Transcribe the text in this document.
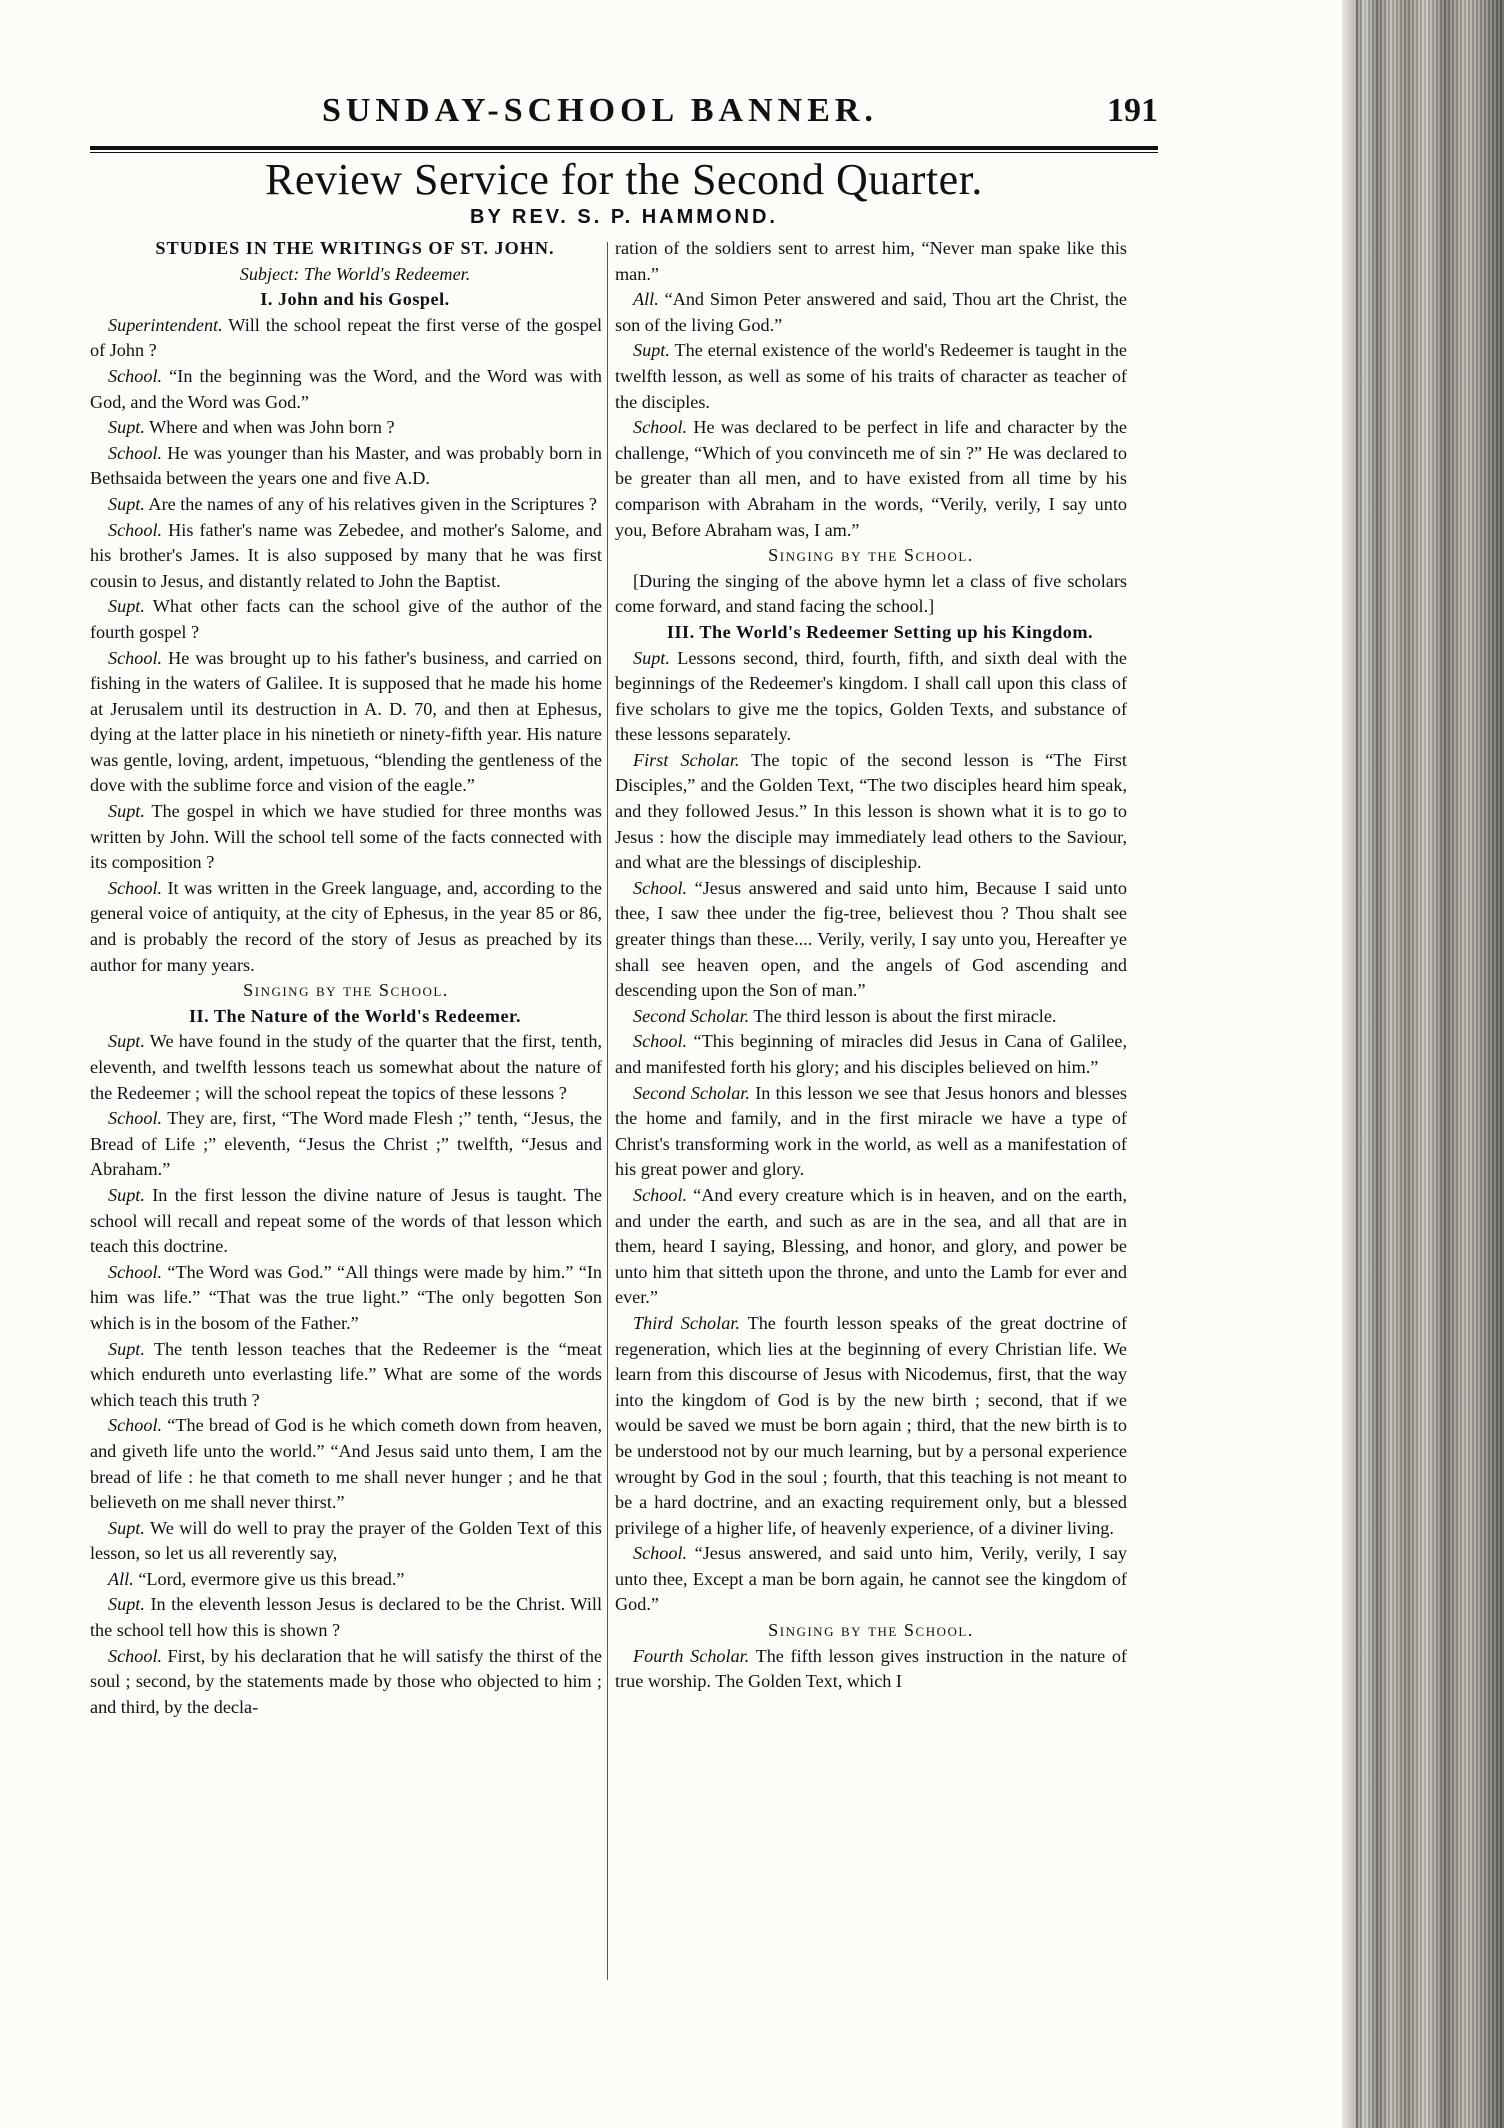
SUNDAY-SCHOOL BANNER.	191
Review Service for the Second Quarter.
BY REV. S. P. HAMMOND.

STUDIES IN THE WRITINGS OF ST. JOHN.

Subject: The World's Redeemer.

I. John and his Gospel.

Superintendent. Will the school repeat the first verse of the gospel of John ?

School. “In the beginning was the Word, and the Word was with God, and the Word was God.”

Supt. Where and when was John born ?

School. He was younger than his Master, and was probably born in Bethsaida between the years one and five A.D.

Supt. Are the names of any of his relatives given in the Scriptures ?

School. His father's name was Zebedee, and mother's Salome, and his brother's James. It is also supposed by many that he was first cousin to Jesus, and distantly related to John the Baptist.

Supt. What other facts can the school give of the author of the fourth gospel ?

School. He was brought up to his father's business, and carried on fishing in the waters of Galilee. It is supposed that he made his home at Jerusalem until its destruction in A. D. 70, and then at Ephesus, dying at the latter place in his ninetieth or ninety-fifth year. His nature was gentle, loving, ardent, impetuous, “blending the gentleness of the dove with the sublime force and vision of the eagle.”

Supt. The gospel in which we have studied for three months was written by John. Will the school tell some of the facts connected with its composition ?

School. It was written in the Greek language, and, according to the general voice of antiquity, at the city of Ephesus, in the year 85 or 86, and is probably the record of the story of Jesus as preached by its author for many years.

Singing by the School.

II. The Nature of the World's Redeemer.

Supt. We have found in the study of the quarter that the first, tenth, eleventh, and twelfth lessons teach us somewhat about the nature of the Redeemer ; will the school repeat the topics of these lessons ?

School. They are, first, “The Word made Flesh ;” tenth, “Jesus, the Bread of Life ;” eleventh, “Jesus the Christ ;” twelfth, “Jesus and Abraham.”

Supt. In the first lesson the divine nature of Jesus is taught. The school will recall and repeat some of the words of that lesson which teach this doctrine.

School. “The Word was God.” “All things were made by him.” “In him was life.” “That was the true light.” “The only begotten Son which is in the bosom of the Father.”

Supt. The tenth lesson teaches that the Redeemer is the “meat which endureth unto everlasting life.” What are some of the words which teach this truth ?

School. “The bread of God is he which cometh down from heaven, and giveth life unto the world.” “And Jesus said unto them, I am the bread of life : he that cometh to me shall never hunger ; and he that believeth on me shall never thirst.”

Supt. We will do well to pray the prayer of the Golden Text of this lesson, so let us all reverently say,

All. “Lord, evermore give us this bread.”

Supt. In the eleventh lesson Jesus is declared to be the Christ. Will the school tell how this is shown ?

School. First, by his declaration that he will satisfy the thirst of the soul ; second, by the statements made by those who objected to him ; and third, by the decla-

ration of the soldiers sent to arrest him, “Never man spake like this man.”

All. “And Simon Peter answered and said, Thou art the Christ, the son of the living God.”

Supt. The eternal existence of the world's Redeemer is taught in the twelfth lesson, as well as some of his traits of character as teacher of the disciples.

School. He was declared to be perfect in life and character by the challenge, “Which of you convinceth me of sin ?” He was declared to be greater than all men, and to have existed from all time by his comparison with Abraham in the words, “Verily, verily, I say unto you, Before Abraham was, I am.”

Singing by the School.

[During the singing of the above hymn let a class of five scholars come forward, and stand facing the school.]

III. The World's Redeemer Setting up his Kingdom.

Supt. Lessons second, third, fourth, fifth, and sixth deal with the beginnings of the Redeemer's kingdom. I shall call upon this class of five scholars to give me the topics, Golden Texts, and substance of these lessons separately.

First Scholar. The topic of the second lesson is “The First Disciples,” and the Golden Text, “The two disciples heard him speak, and they followed Jesus.” In this lesson is shown what it is to go to Jesus : how the disciple may immediately lead others to the Saviour, and what are the blessings of discipleship.

School. “Jesus answered and said unto him, Because I said unto thee, I saw thee under the fig-tree, believest thou ? Thou shalt see greater things than these.... Verily, verily, I say unto you, Hereafter ye shall see heaven open, and the angels of God ascending and descending upon the Son of man.”

Second Scholar. The third lesson is about the first miracle.

School. “This beginning of miracles did Jesus in Cana of Galilee, and manifested forth his glory; and his disciples believed on him.”

Second Scholar. In this lesson we see that Jesus honors and blesses the home and family, and in the first miracle we have a type of Christ's transforming work in the world, as well as a manifestation of his great power and glory.

School. “And every creature which is in heaven, and on the earth, and under the earth, and such as are in the sea, and all that are in them, heard I saying, Blessing, and honor, and glory, and power be unto him that sitteth upon the throne, and unto the Lamb for ever and ever.”

Third Scholar. The fourth lesson speaks of the great doctrine of regeneration, which lies at the beginning of every Christian life. We learn from this discourse of Jesus with Nicodemus, first, that the way into the kingdom of God is by the new birth ; second, that if we would be saved we must be born again ; third, that the new birth is to be understood not by our much learning, but by a personal experience wrought by God in the soul ; fourth, that this teaching is not meant to be a hard doctrine, and an exacting requirement only, but a blessed privilege of a higher life, of heavenly experience, of a diviner living.

School. “Jesus answered, and said unto him, Verily, verily, I say unto thee, Except a man be born again, he cannot see the kingdom of God.”

Singing by the School.

Fourth Scholar. The fifth lesson gives instruction in the nature of true worship. The Golden Text, which I
